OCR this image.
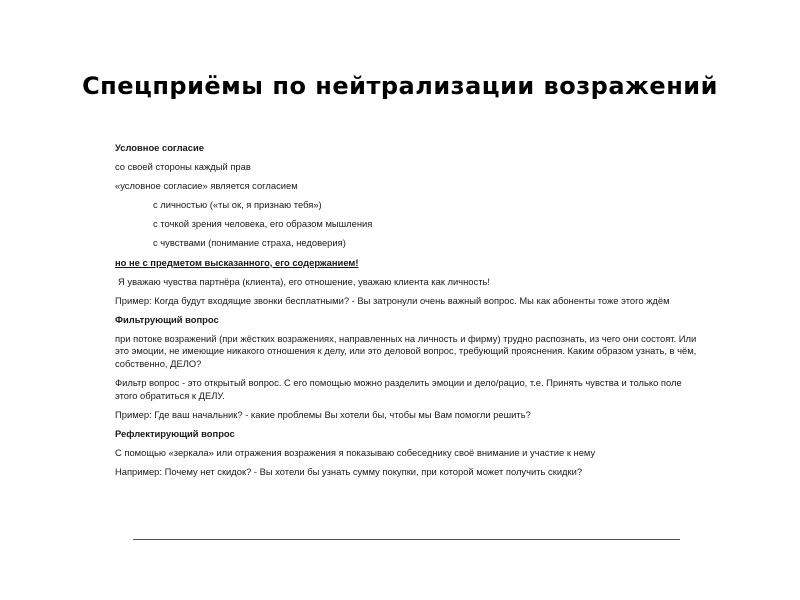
Спецприёмы по нейтрализации возражений

Условное согласие

со своей стороны каждый прав

«условное согласие» является согласием

с личностью («ты ок, я признаю тебя»)

с точкой зрения человека, его образом мышления

с чувствами (понимание страха, недоверия)

но не с предметом высказанного, его содержанием!

Я уважаю чувства партнёра (клиента), его отношение, уважаю клиента как личность!

Пример: Когда будут входящие звонки бесплатными? - Вы затронули очень важный вопрос. Мы как абоненты тоже этого ждём

Фильтрующий вопрос

при потоке возражений (при жёстких возражениях, направленных на личность и фирму) трудно распознать, из чего они состоят. Или это эмоции, не имеющие никакого отношения к делу, или это деловой вопрос, требующий прояснения. Каким образом узнать, в чём, собственно, ДЕЛО?

Фильтр вопрос - это открытый вопрос. С его помощью можно разделить эмоции и дело/рацио, т.е. Принять чувства и только поле этого обратиться к ДЕЛУ.

Пример: Где ваш начальник? - какие проблемы Вы хотели бы, чтобы мы Вам помогли решить?

Рефлектирующий вопрос

С помощью «зеркала» или отражения возражения я показываю собеседнику своё внимание и участие к нему

Например: Почему нет скидок? - Вы хотели бы узнать сумму покупки, при которой может получить скидки?
